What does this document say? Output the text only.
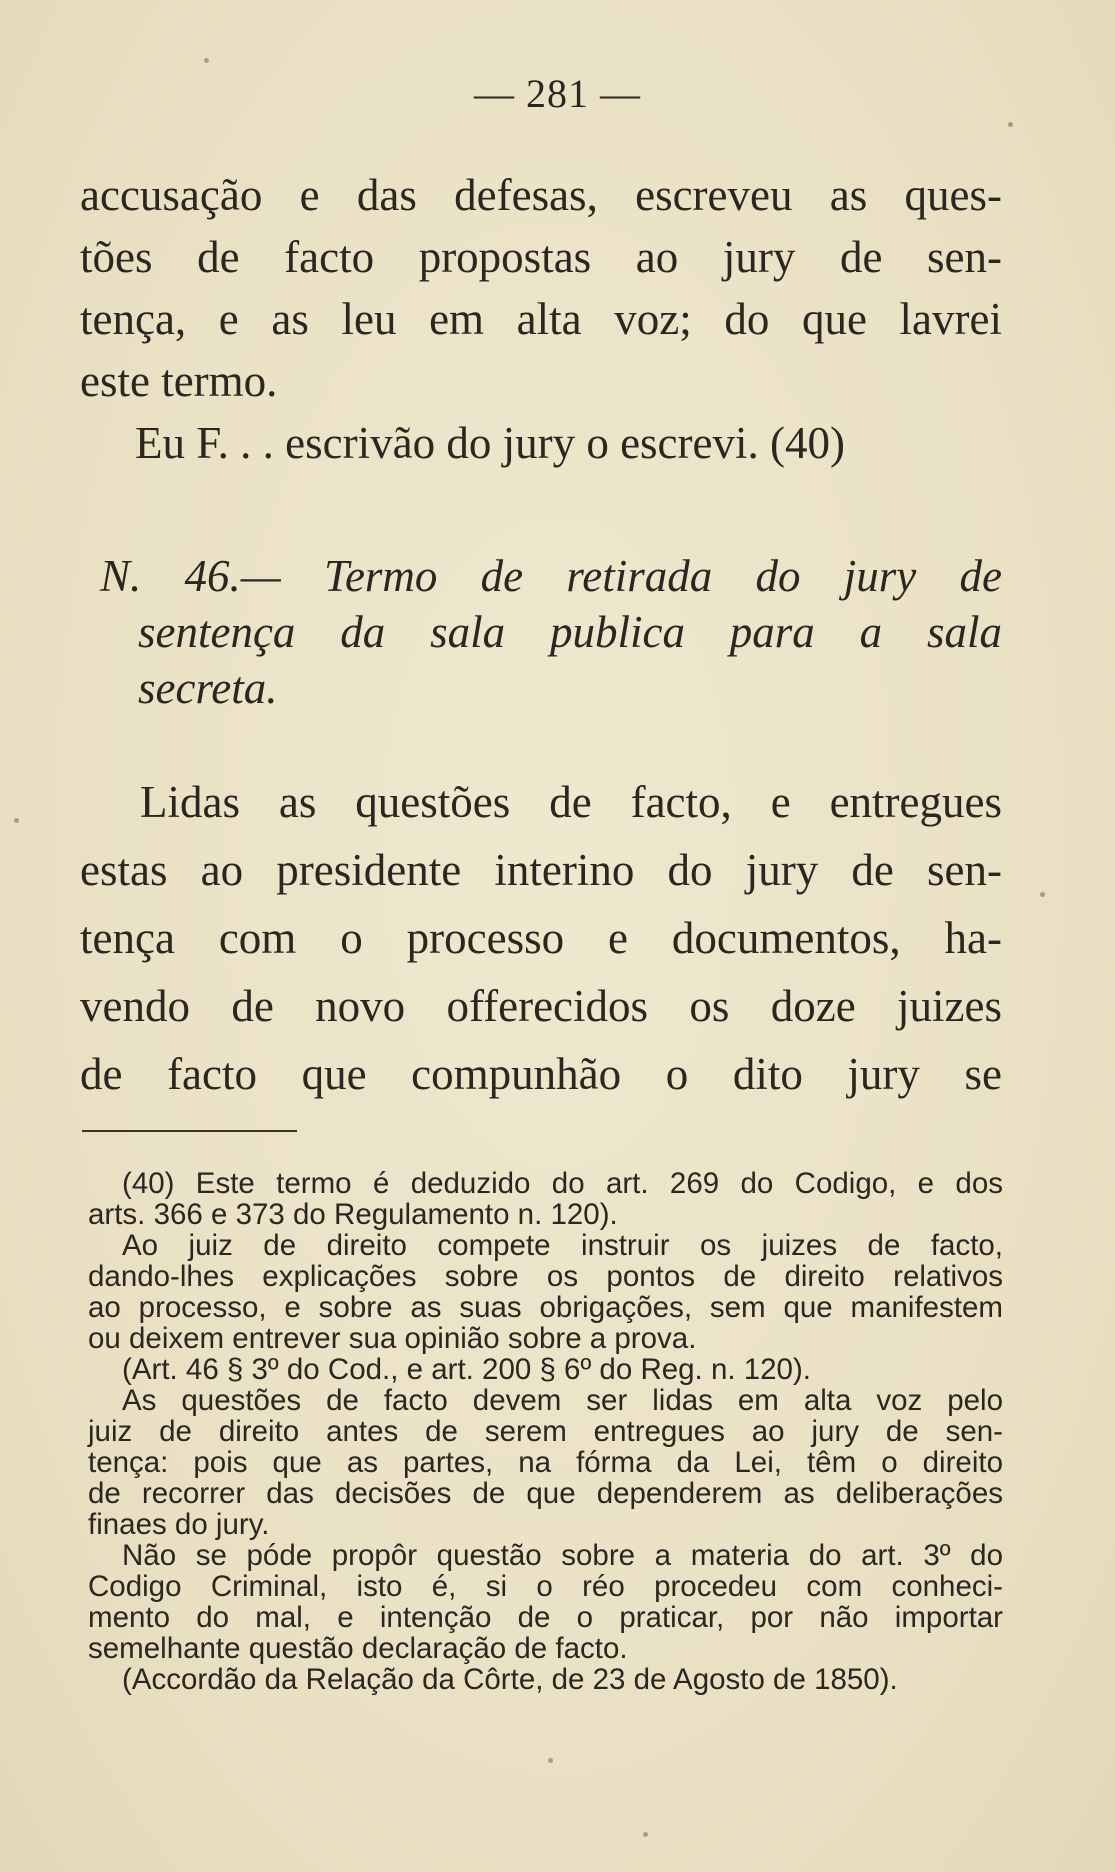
— 281 —
accusação e das defesas, escreveu as ques-
tões de facto propostas ao jury de sen-
tença, e as leu em alta voz; do que lavrei
este termo.
Eu F. . . escrivão do jury o escrevi. (40)
N. 46.— Termo de retirada do jury de
sentença da sala publica para a sala
secreta.
Lidas as questões de facto, e entregues
estas ao presidente interino do jury de sen-
tença com o processo e documentos, ha-
vendo de novo offerecidos os doze juizes
de facto que compunhão o dito jury se
(40) Este termo é deduzido do art. 269 do Codigo, e dos
arts. 366 e 373 do Regulamento n. 120).
Ao juiz de direito compete instruir os juizes de facto,
dando-lhes explicações sobre os pontos de direito relativos
ao processo, e sobre as suas obrigações, sem que manifestem
ou deixem entrever sua opinião sobre a prova.
(Art. 46 § 3º do Cod., e art. 200 § 6º do Reg. n. 120).
As questões de facto devem ser lidas em alta voz pelo
juiz de direito antes de serem entregues ao jury de sen-
tença: pois que as partes, na fórma da Lei, têm o direito
de recorrer das decisões de que dependerem as deliberações
finaes do jury.
Não se póde propôr questão sobre a materia do art. 3º do
Codigo Criminal, isto é, si o réo procedeu com conheci-
mento do mal, e intenção de o praticar, por não importar
semelhante questão declaração de facto.
(Accordão da Relação da Côrte, de 23 de Agosto de 1850).
